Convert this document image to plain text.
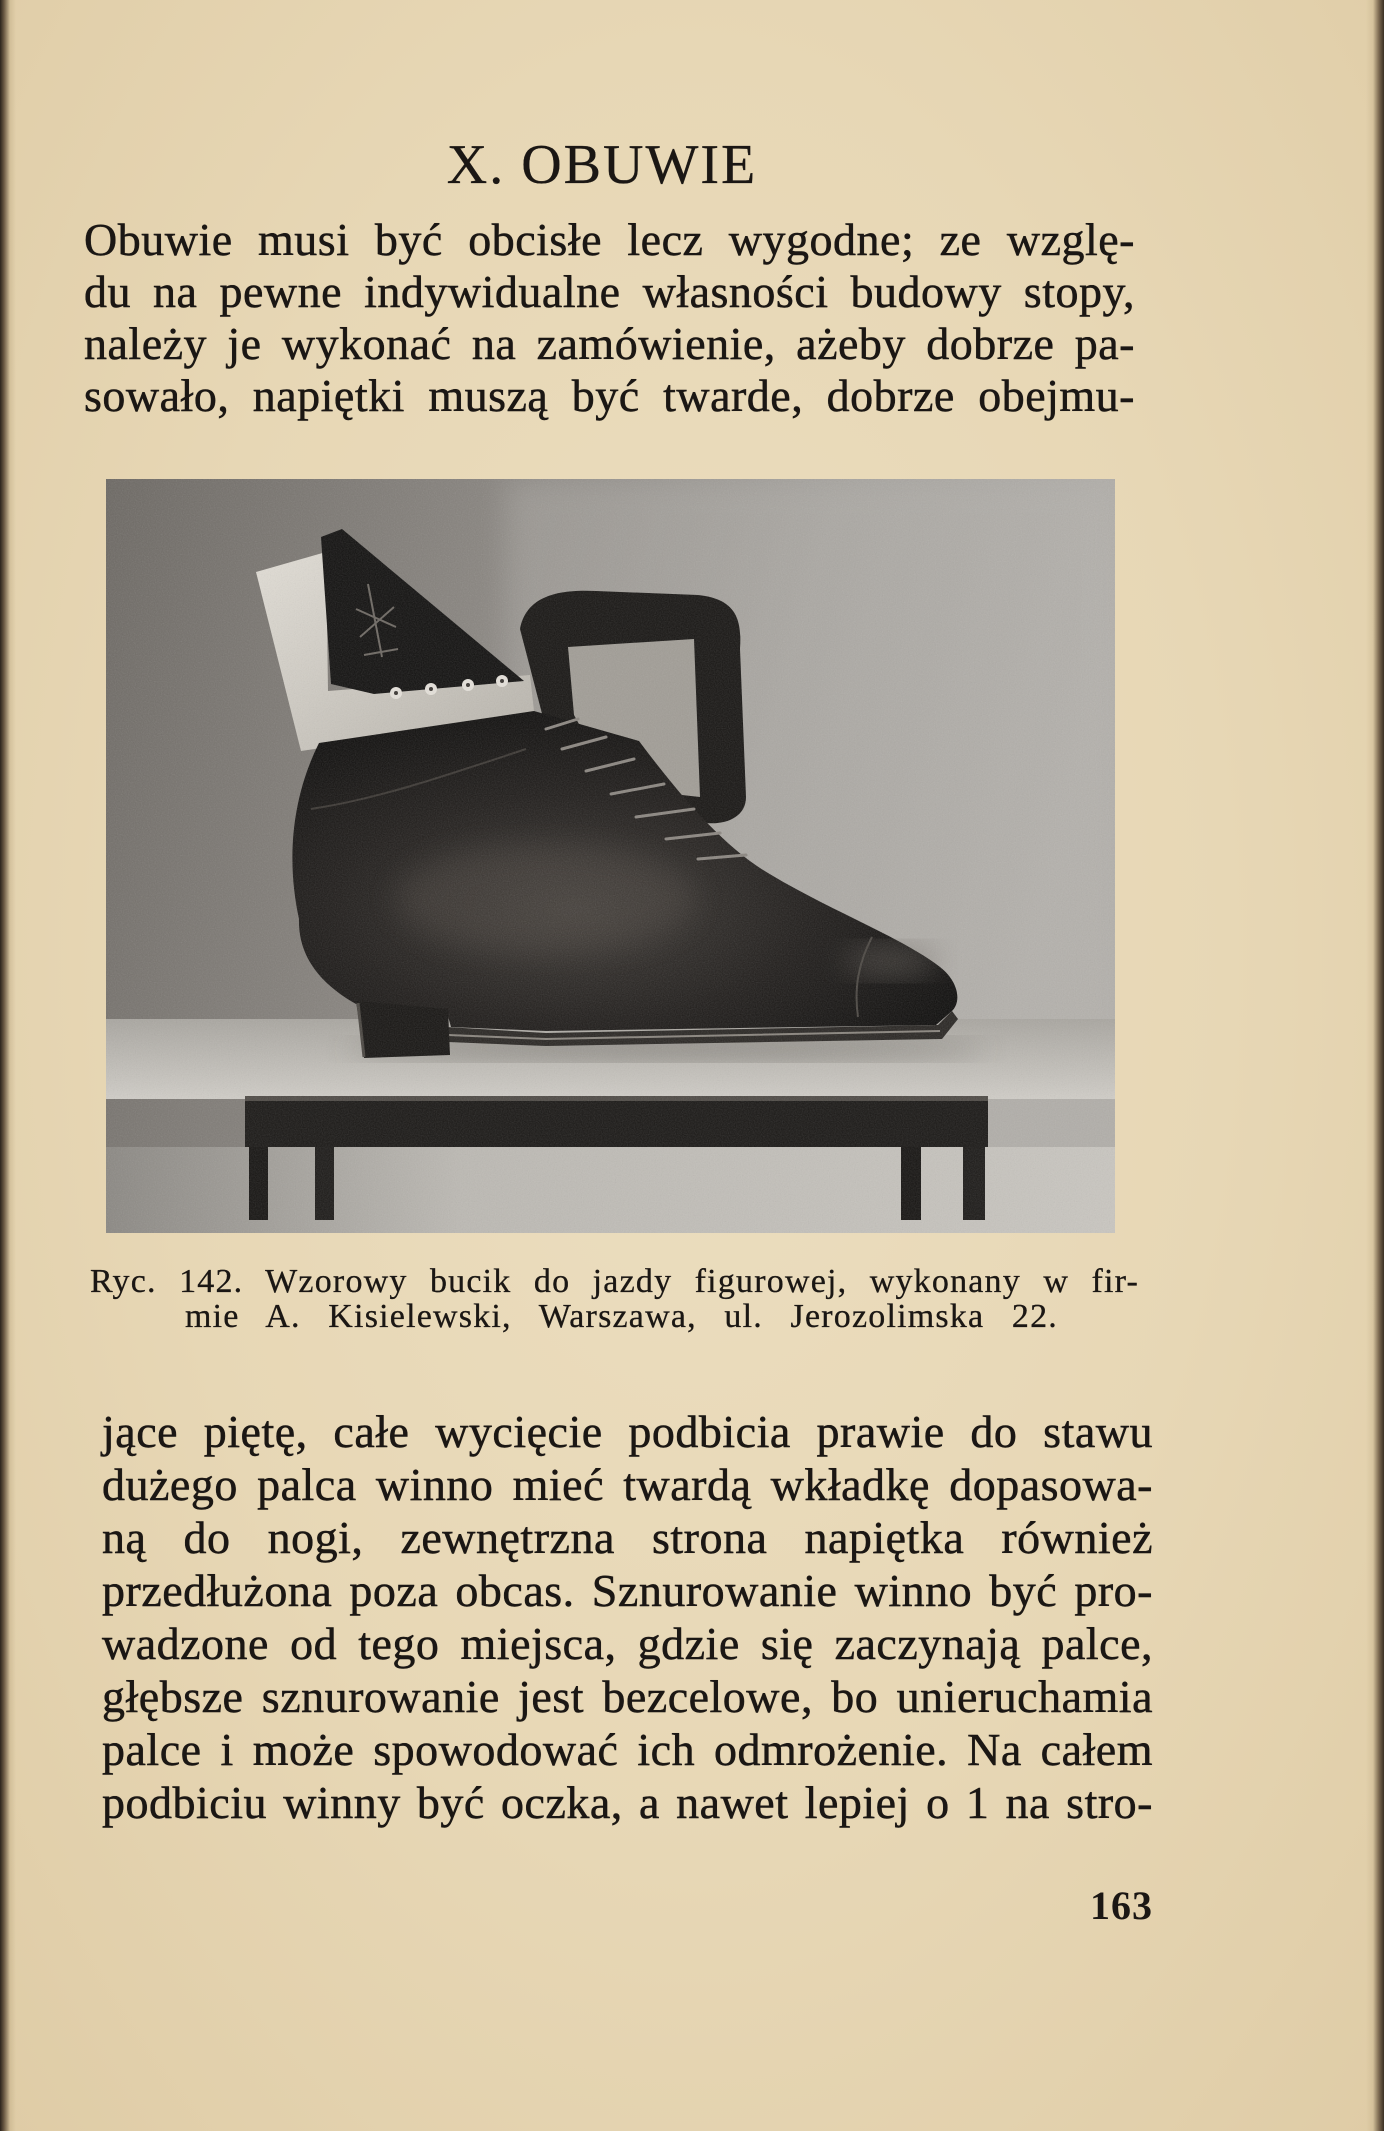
X. OBUWIE
Obuwie musi być obcisłe lecz wygodne; ze wzglę-
du na pewne indywidualne własności budowy stopy,
należy je wykonać na zamówienie, ażeby dobrze pa-
sowało, napiętki muszą być twarde, dobrze obejmu-
Ryc. 142. Wzorowy bucik do jazdy figurowej, wykonany w fir-
mie A. Kisielewski, Warszawa, ul. Jerozolimska 22.
jące piętę, całe wycięcie podbicia prawie do stawu
dużego palca winno mieć twardą wkładkę dopasowa-
ną do nogi, zewnętrzna strona napiętka również
przedłużona poza obcas. Sznurowanie winno być pro-
wadzone od tego miejsca, gdzie się zaczynają palce,
głębsze sznurowanie jest bezcelowe, bo unieruchamia
palce i może spowodować ich odmrożenie. Na całem
podbiciu winny być oczka, a nawet lepiej o 1 na stro-
163
